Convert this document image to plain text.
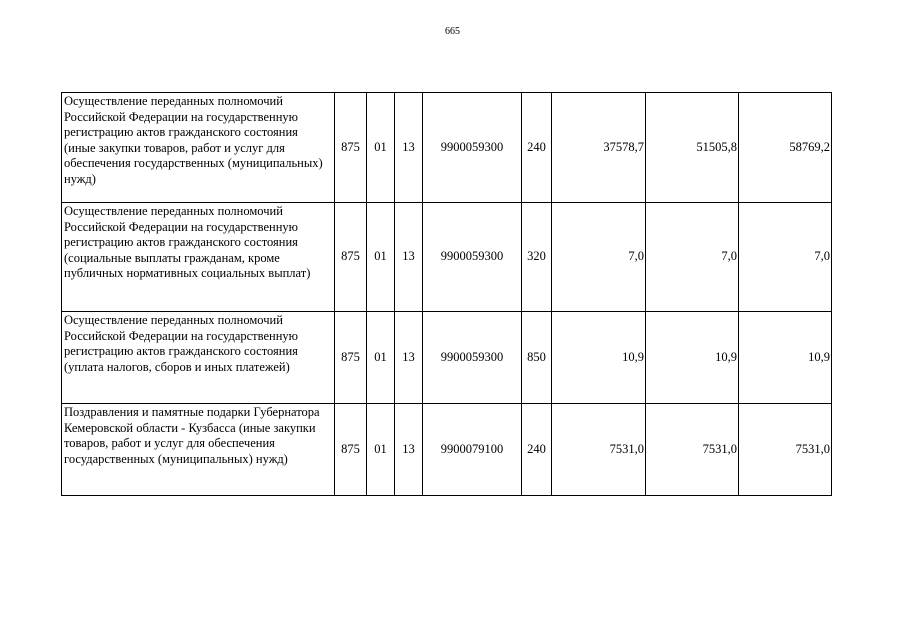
665
Осуществление переданных полномочий Российской Федерации на государственную регистрацию актов гражданского состояния (иные закупки товаров, работ и услуг для обеспечения государственных (муниципальных) нужд)	875	01	13	9900059300	240	37578,7	51505,8	58769,2
Осуществление переданных полномочий Российской Федерации на государственную регистрацию актов гражданского состояния (социальные выплаты гражданам, кроме публичных нормативных социальных выплат)	875	01	13	9900059300	320	7,0	7,0	7,0
Осуществление переданных полномочий Российской Федерации на государственную регистрацию актов гражданского состояния (уплата налогов, сборов и иных платежей)	875	01	13	9900059300	850	10,9	10,9	10,9
Поздравления и памятные подарки Губернатора Кемеровской области - Кузбасса (иные закупки товаров, работ и услуг для обеспечения государственных (муниципальных) нужд)	875	01	13	9900079100	240	7531,0	7531,0	7531,0
